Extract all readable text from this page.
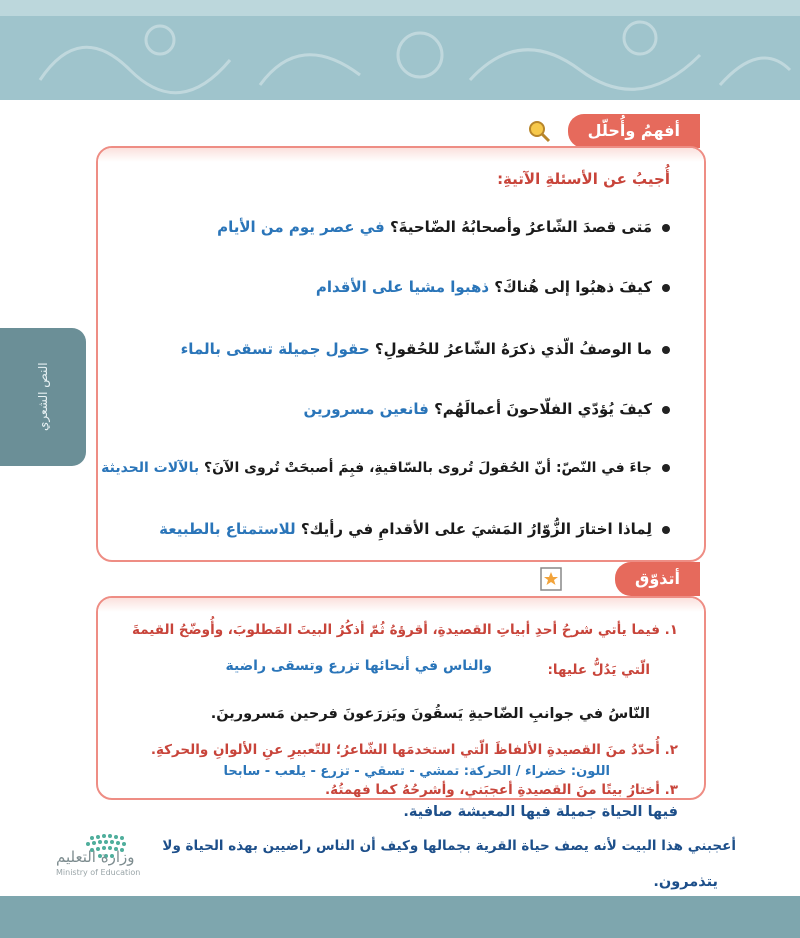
النص الشعري
أفهمُ وأُحلّل
أُجيبُ عن الأسئلةِ الآتيةِ:
مَتى قصدَ الشّاعرُ وأصحابُهُ الضّاحيةَ؟ في عصر يوم من الأيام
كيفَ ذهبُوا إلى هُناكَ؟ ذهبوا مشيا على الأقدام
ما الوصفُ الّذي ذكرَهُ الشّاعرُ للحُقولِ؟ حقول جميلة تسقى بالماء
كيفَ يُؤدّي الفلّاحونَ أعمالَهُم؟ فانعين مسرورين
جاءَ في النّصّ: أنّ الحُقولَ تُروى بالسّاقيةِ، فبِمَ أصبحَتْ تُروى الآنَ؟ بالآلات الحديثة
لِماذا اختارَ الزُّوّارُ المَشيَ على الأقدامِ في رأيك؟ للاستمتاع بالطبيعة
أتذوّق
١. فيما يأتي شرحُ أحدِ أبياتِ القصيدةِ، أقرؤهُ ثُمّ أذكُرُ البيتَ المَطلوبَ، وأُوضّحُ القيمةَ
الّتي يَدُلُّ عليها:
والناس في أنحائها تزرع وتسقى راضية
النّاسُ في جوانبِ الضّاحيةِ يَسقُونَ ويَزرَعونَ فرحين مَسرورينَ.
٢. أُحدّدُ منَ القصيدةِ الألفاظَ الّتي استخدمَها الشّاعرُ؛ للتّعبيرِ عنِ الألوانِ والحركةِ.
اللون: خضراء / الحركة: تمشي - تسقي - تزرع - يلعب - سابحا
٣. أختارُ بيتًا منَ القصيدةِ أعجبَني، وأشرحُهُ كما فهمتُهُ.
فيها الحياة جميلة فيها المعيشة صافية.
أعجبني هذا البيت لأنه يصف حياة القرية بجمالها وكيف أن الناس راضيين بهذه الحياة ولا
يتذمرون.
وزارة التعليم
Ministry of Education
١٠٩
